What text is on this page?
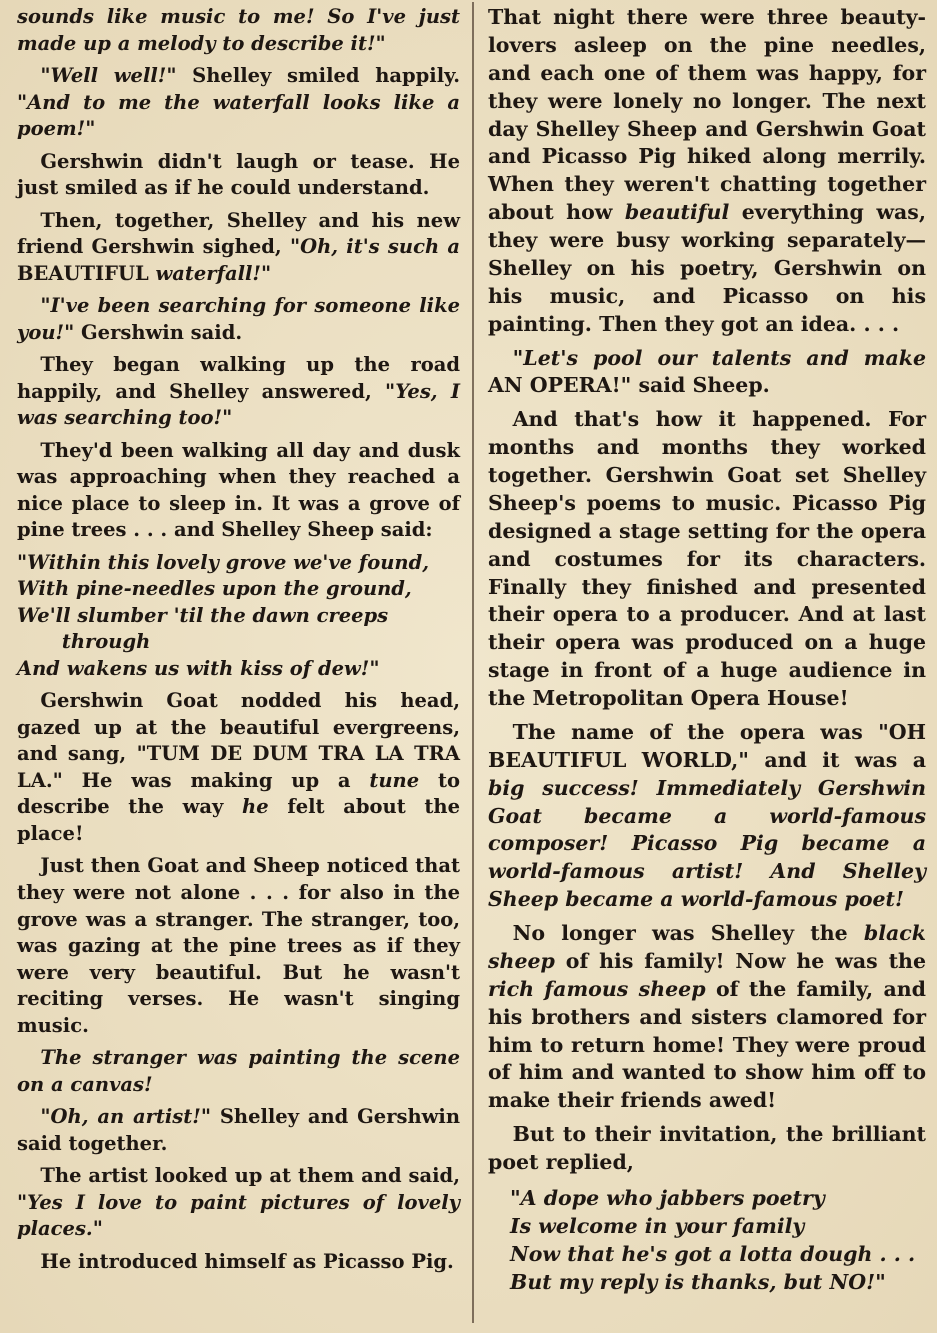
sounds like music to me! So I've just made up a melody to describe it!"

"Well well!" Shelley smiled happily. "And to me the waterfall looks like a poem!"

Gershwin didn't laugh or tease. He just smiled as if he could understand.

Then, together, Shelley and his new friend Gershwin sighed, "Oh, it's such a BEAUTIFUL waterfall!"

"I've been searching for someone like you!" Gershwin said.

They began walking up the road happily, and Shelley answered, "Yes, I was searching too!"

They'd been walking all day and dusk was approaching when they reached a nice place to sleep in. It was a grove of pine trees . . . and Shelley Sheep said:

"Within this lovely grove we've found,
With pine-needles upon the ground,
We'll slumber 'til the dawn creeps
through
And wakens us with kiss of dew!"

Gershwin Goat nodded his head, gazed up at the beautiful evergreens, and sang, "TUM DE DUM TRA LA TRA LA." He was making up a tune to describe the way he felt about the place!

Just then Goat and Sheep noticed that they were not alone . . . for also in the grove was a stranger. The stranger, too, was gazing at the pine trees as if they were very beautiful. But he wasn't reciting verses. He wasn't singing music.

The stranger was painting the scene on a canvas!

"Oh, an artist!" Shelley and Gershwin said together.

The artist looked up at them and said, "Yes I love to paint pictures of lovely places."

He introduced himself as Picasso Pig.

That night there were three beauty-lovers asleep on the pine needles, and each one of them was happy, for they were lonely no longer. The next day Shelley Sheep and Gershwin Goat and Picasso Pig hiked along merrily. When they weren't chatting together about how beautiful everything was, they were busy working separately—Shelley on his poetry, Gershwin on his music, and Picasso on his painting. Then they got an idea. . . .

"Let's pool our talents and make AN OPERA!" said Sheep.

And that's how it happened. For months and months they worked together. Gershwin Goat set Shelley Sheep's poems to music. Picasso Pig designed a stage setting for the opera and costumes for its characters. Finally they finished and presented their opera to a producer. And at last their opera was produced on a huge stage in front of a huge audience in the Metropolitan Opera House!

The name of the opera was "OH BEAUTIFUL WORLD," and it was a big success! Immediately Gershwin Goat became a world-famous composer! Picasso Pig became a world-famous artist! And Shelley Sheep became a world-famous poet!

No longer was Shelley the black sheep of his family! Now he was the rich famous sheep of the family, and his brothers and sisters clamored for him to return home! They were proud of him and wanted to show him off to make their friends awed!

But to their invitation, the brilliant poet replied,

"A dope who jabbers poetry
Is welcome in your family
Now that he's got a lotta dough . . .
But my reply is thanks, but NO!"
